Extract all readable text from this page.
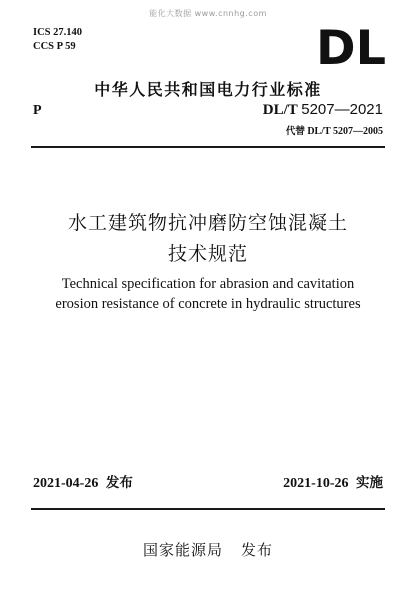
能化大数据 www.cnnhg.com
ICS 27.140
CCS P 59	DL
中华人民共和国电力行业标准
P	DL/T 5207—2021
代替 DL/T 5207—2005
水工建筑物抗冲磨防空蚀混凝土
技术规范
Technical specification for abrasion and cavitation
erosion resistance of concrete in hydraulic structures
2021-04-26 发布	2021-10-26 实施
国家能源局 发布
